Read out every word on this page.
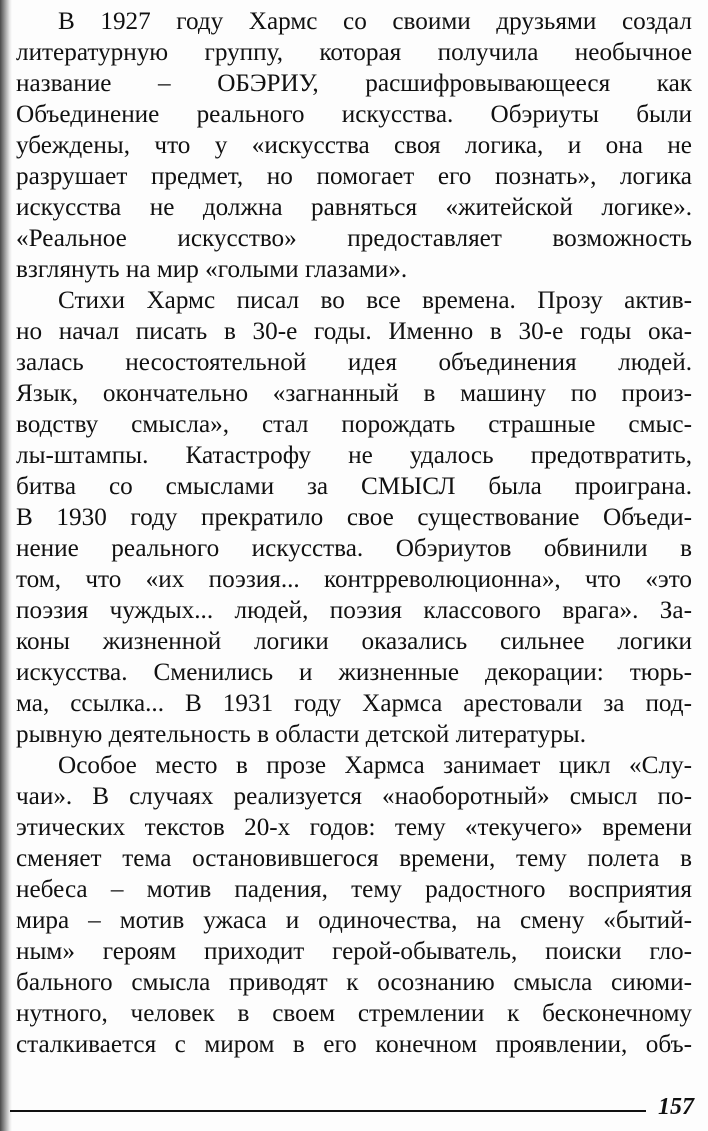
В 1927 году Хармс со своими друзьями создал
литературную группу, которая получила необычное
название – ОБЭРИУ, расшифровывающееся как
Объединение реального искусства. Обэриуты были
убеждены, что у «искусства своя логика, и она не
разрушает предмет, но помогает его познать», логика
искусства не должна равняться «житейской логике».
«Реальное искусство» предоставляет возможность
взглянуть на мир «голыми глазами».
Стихи Хармс писал во все времена. Прозу актив-
но начал писать в 30-е годы. Именно в 30-е годы ока-
залась несостоятельной идея объединения людей.
Язык, окончательно «загнанный в машину по произ-
водству смысла», стал порождать страшные смыс-
лы-штампы. Катастрофу не удалось предотвратить,
битва со смыслами за СМЫСЛ была проиграна.
В 1930 году прекратило свое существование Объеди-
нение реального искусства. Обэриутов обвинили в
том, что «их поэзия... контрреволюционна», что «это
поэзия чуждых... людей, поэзия классового врага». За-
коны жизненной логики оказались сильнее логики
искусства. Сменились и жизненные декорации: тюрь-
ма, ссылка... В 1931 году Хармса арестовали за под-
рывную деятельность в области детской литературы.
Особое место в прозе Хармса занимает цикл «Слу-
чаи». В случаях реализуется «наоборотный» смысл по-
этических текстов 20-х годов: тему «текучего» времени
сменяет тема остановившегося времени, тему полета в
небеса – мотив падения, тему радостного восприятия
мира – мотив ужаса и одиночества, на смену «бытий-
ным» героям приходит герой-обыватель, поиски гло-
бального смысла приводят к осознанию смысла сиюми-
нутного, человек в своем стремлении к бесконечному
сталкивается с миром в его конечном проявлении, объ-
157
